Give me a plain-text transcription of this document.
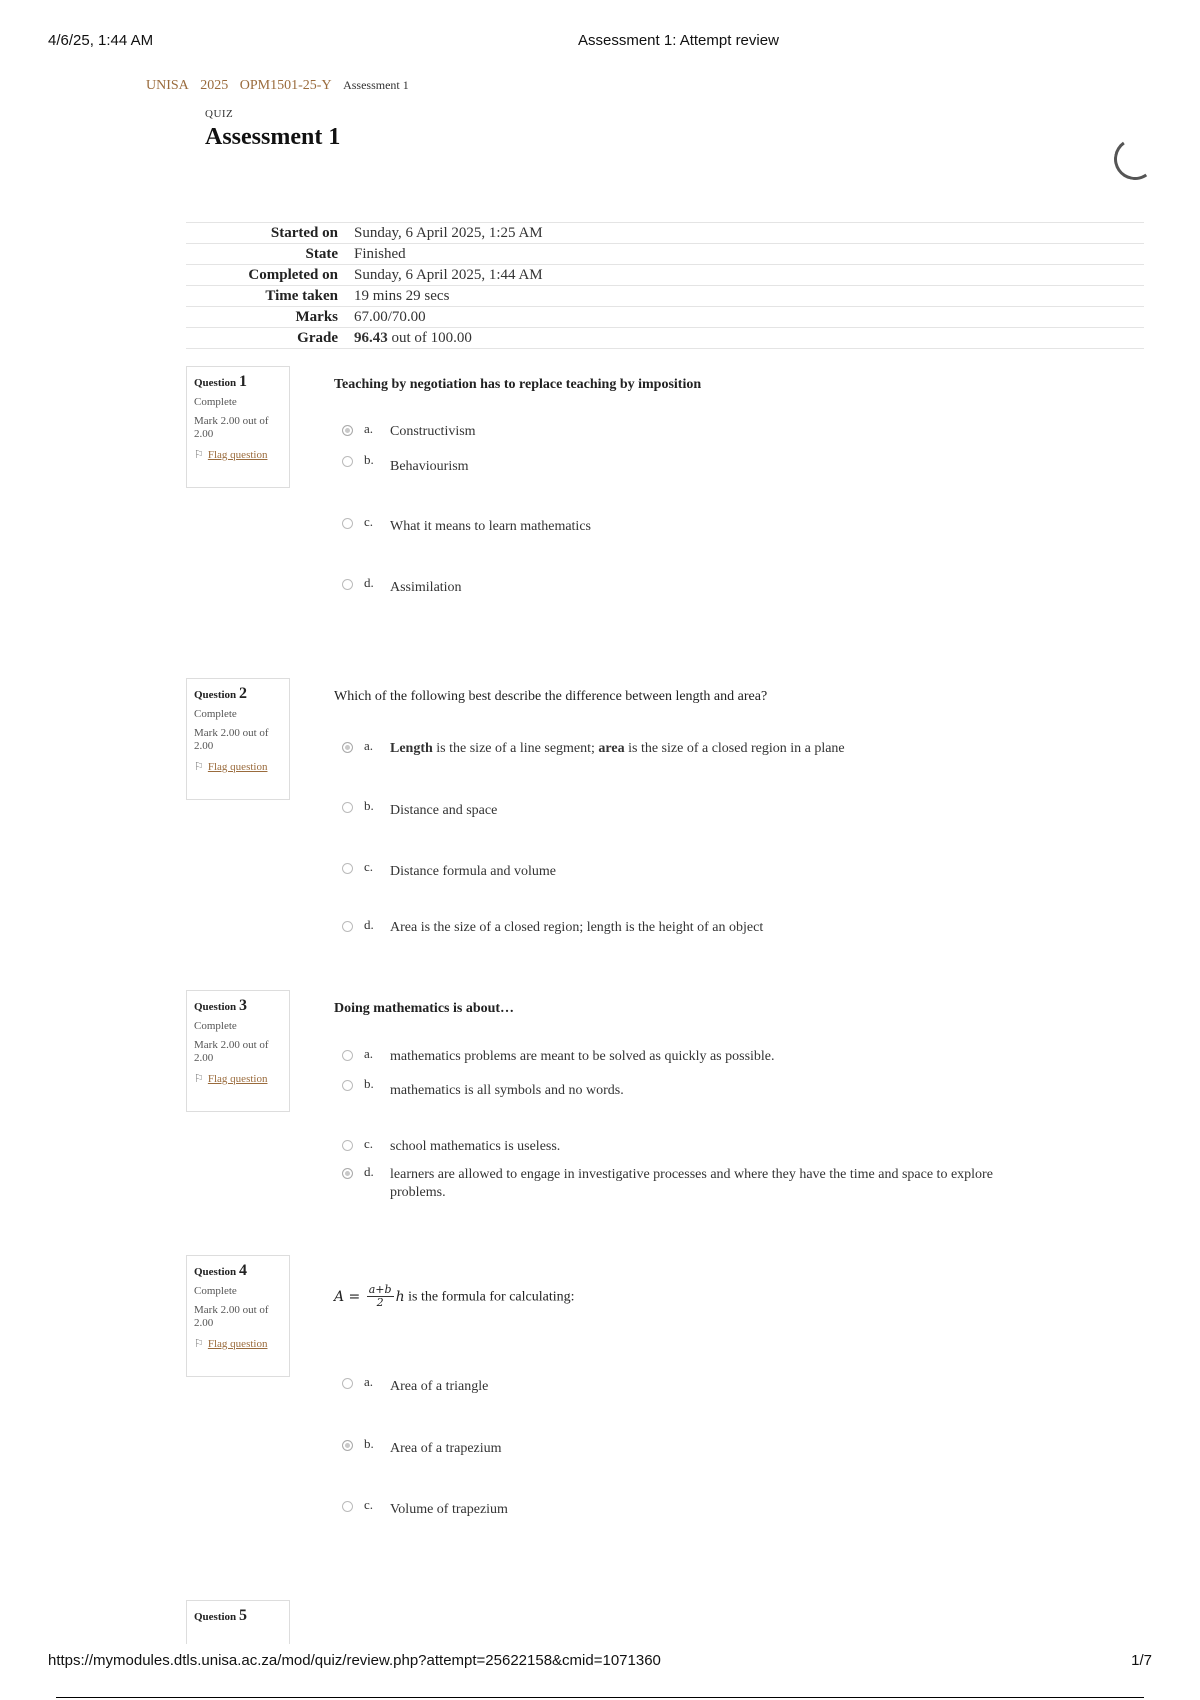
4/6/25, 1:44 AM	Assessment 1: Attempt review
UNISA 2025 OPM1501-25-Y Assessment 1
QUIZ
Assessment 1
Started on	Sunday, 6 April 2025, 1:25 AM
State	Finished
Completed on	Sunday, 6 April 2025, 1:44 AM
Time taken	19 mins 29 secs
Marks	67.00/70.00
Grade	96.43 out of 100.00
Question 1
Complete
Mark 2.00 out of 2.00
⚐ Flag question
Teaching by negotiation has to replace teaching by imposition
a. Constructivism
b. Behaviourism
c. What it means to learn mathematics
d. Assimilation
Question 2
Complete
Mark 2.00 out of 2.00
⚐ Flag question
Which of the following best describe the difference between length and area?
a. Length is the size of a line segment; area is the size of a closed region in a plane
b. Distance and space
c. Distance formula and volume
d. Area is the size of a closed region; length is the height of an object
Question 3
Complete
Mark 2.00 out of 2.00
⚐ Flag question
Doing mathematics is about…
a. mathematics problems are meant to be solved as quickly as possible.
b. mathematics is all symbols and no words.
c. school mathematics is useless.
d. learners are allowed to engage in investigative processes and where they have the time and space to explore problems.
Question 4
Complete
Mark 2.00 out of 2.00
⚐ Flag question
$A = \frac{a+b}{2}$ h is the formula for calculating:
a. Area of a triangle
b. Area of a trapezium
c. Volume of trapezium
Question 5
https://mymodules.dtls.unisa.ac.za/mod/quiz/review.php?attempt=25622158&cmid=1071360	1/7
